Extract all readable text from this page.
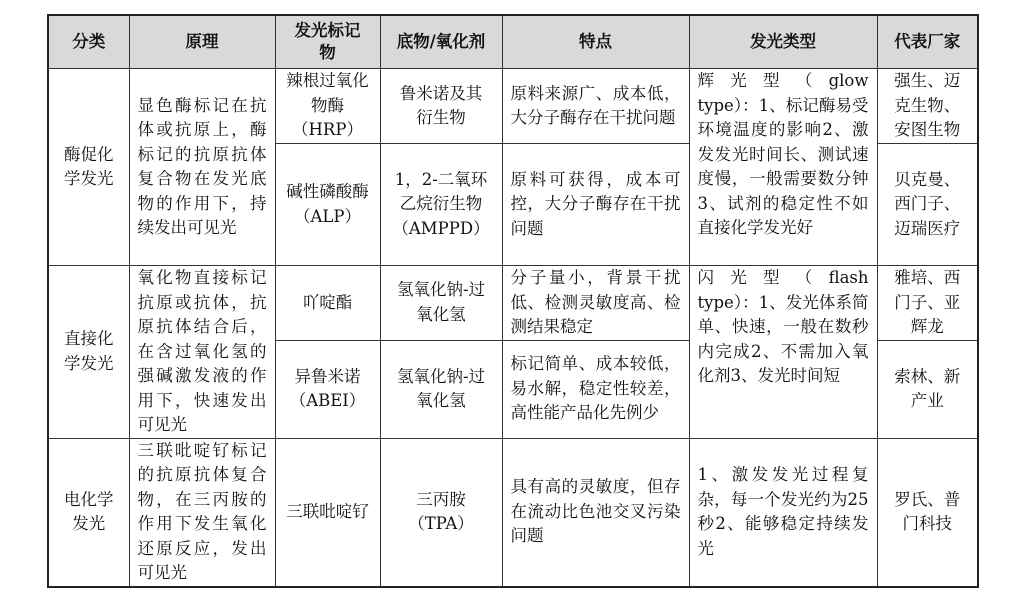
分类	原理	发光标记物	底物/氧化剂	特点	发光类型	代表厂家
酶促化学发光	显色酶标记在抗体或抗原上，酶标记的抗原抗体复合物在发光底物的作用下，持续发出可见光	辣根过氧化物酶（HRP）	鲁米诺及其衍生物	原料来源广、成本低，大分子酶存在干扰问题	辉光型（glow type）：1、标记酶易受环境温度的影响2、激发发光时间长、测试速度慢，一般需要数分钟3、试剂的稳定性不如直接化学发光好	强生、迈克生物、安图生物
		碱性磷酸酶（ALP）	1，2-二氧环乙烷衍生物（AMPPD）	原料可获得，成本可控，大分子酶存在干扰问题		贝克曼、西门子、迈瑞医疗
直接化学发光	氧化物直接标记抗原或抗体，抗原抗体结合后，在含过氧化氢的强碱激发液的作用下，快速发出可见光	吖啶酯	氢氧化钠-过氧化氢	分子量小，背景干扰低、检测灵敏度高、检测结果稳定	闪光型（flash type）：1、发光体系简单、快速，一般在数秒内完成2、不需加入氧化剂3、发光时间短	雅培、西门子、亚辉龙
		异鲁米诺（ABEI）	氢氧化钠-过氧化氢	标记简单、成本较低，易水解，稳定性较差，高性能产品化先例少		索林、新产业
电化学发光	三联吡啶钌标记的抗原抗体复合物，在三丙胺的作用下发生氧化还原反应，发出可见光	三联吡啶钌	三丙胺（TPA）	具有高的灵敏度，但存在流动比色池交叉污染问题	1、激发发光过程复杂，每一个发光约为25秒2、能够稳定持续发光	罗氏、普门科技
